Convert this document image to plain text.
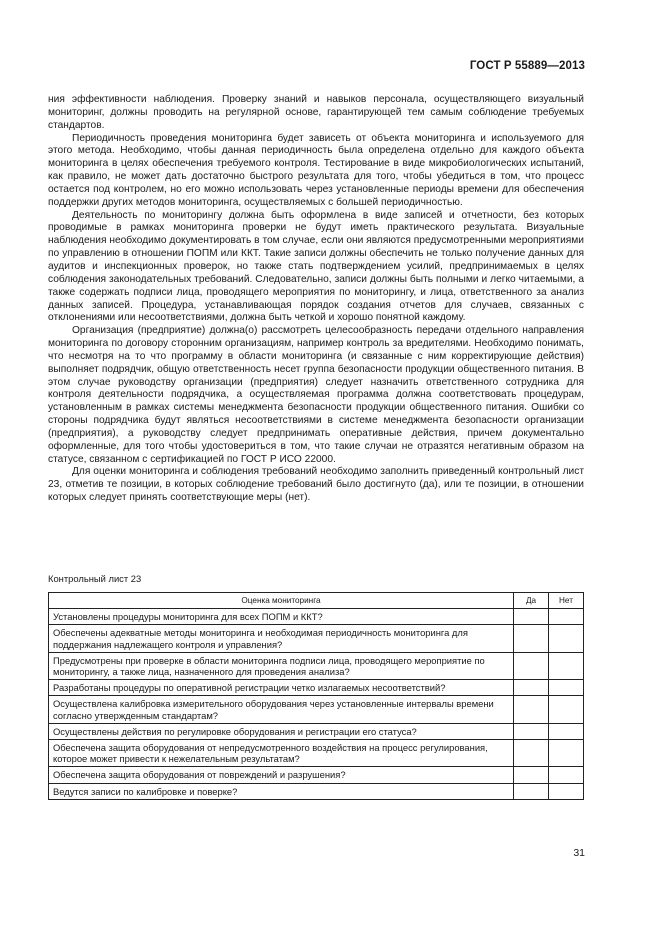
ГОСТ Р 55889—2013

ния эффективности наблюдения. Проверку знаний и навыков персонала, осуществляющего визуальный мониторинг, должны проводить на регулярной основе, гарантирующей тем самым соблюдение требуемых стандартов.

Периодичность проведения мониторинга будет зависеть от объекта мониторинга и используемого для этого метода. Необходимо, чтобы данная периодичность была определена отдельно для каждого объекта мониторинга в целях обеспечения требуемого контроля. Тестирование в виде микробиологических испытаний, как правило, не может дать достаточно быстрого результата для того, чтобы убедиться в том, что процесс остается под контролем, но его можно использовать через установленные периоды времени для обеспечения поддержки других методов мониторинга, осуществляемых с большей периодичностью.

Деятельность по мониторингу должна быть оформлена в виде записей и отчетности, без которых проводимые в рамках мониторинга проверки не будут иметь практического результата. Визуальные наблюдения необходимо документировать в том случае, если они являются предусмотренными мероприятиями по управлению в отношении ПОПМ или ККТ. Такие записи должны обеспечить не только получение данных для аудитов и инспекционных проверок, но также стать подтверждением усилий, предпринимаемых в целях соблюдения законодательных требований. Следовательно, записи должны быть полными и легко читаемыми, а также содержать подписи лица, проводящего мероприятия по мониторингу, и лица, ответственного за анализ данных записей. Процедура, устанавливающая порядок создания отчетов для случаев, связанных с отклонениями или несоответствиями, должна быть четкой и хорошо понятной каждому.

Организация (предприятие) должна(о) рассмотреть целесообразность передачи отдельного направления мониторинга по договору сторонним организациям, например контроль за вредителями. Необходимо понимать, что несмотря на то что программу в области мониторинга (и связанные с ним корректирующие действия) выполняет подрядчик, общую ответственность несет группа безопасности продукции общественного питания. В этом случае руководству организации (предприятия) следует назначить ответственного сотрудника для контроля деятельности подрядчика, а осуществляемая программа должна соответствовать процедурам, установленным в рамках системы менеджмента безопасности продукции общественного питания. Ошибки со стороны подрядчика будут являться несоответствиями в системе менеджмента безопасности организации (предприятия), а руководству следует предпринимать оперативные действия, причем документально оформленные, для того чтобы удостовериться в том, что такие случаи не отразятся негативным образом на статусе, связанном с сертификацией по ГОСТ Р ИСО 22000.

Для оценки мониторинга и соблюдения требований необходимо заполнить приведенный контрольный лист 23, отметив те позиции, в которых соблюдение требований было достигнуто (да), или те позиции, в отношении которых следует принять соответствующие меры (нет).

Контрольный лист 23
Оценка мониторинга	Да	Нет
Установлены процедуры мониторинга для всех ПОПМ и ККТ?		
Обеспечены адекватные методы мониторинга и необходимая периодичность мониторинга для поддержания надлежащего контроля и управления?		
Предусмотрены при проверке в области мониторинга подписи лица, проводящего мероприятие по мониторингу, а также лица, назначенного для проведения анализа?		
Разработаны процедуры по оперативной регистрации четко излагаемых несоответствий?		
Осуществлена калибровка измерительного оборудования через установленные интервалы времени согласно утвержденным стандартам?		
Осуществлены действия по регулировке оборудования и регистрации его статуса?		
Обеспечена защита оборудования от непредусмотренного воздействия на процесс регулирования, которое может привести к нежелательным результатам?		
Обеспечена защита оборудования от повреждений и разрушения?		
Ведутся записи по калибровке и поверке?		
31
